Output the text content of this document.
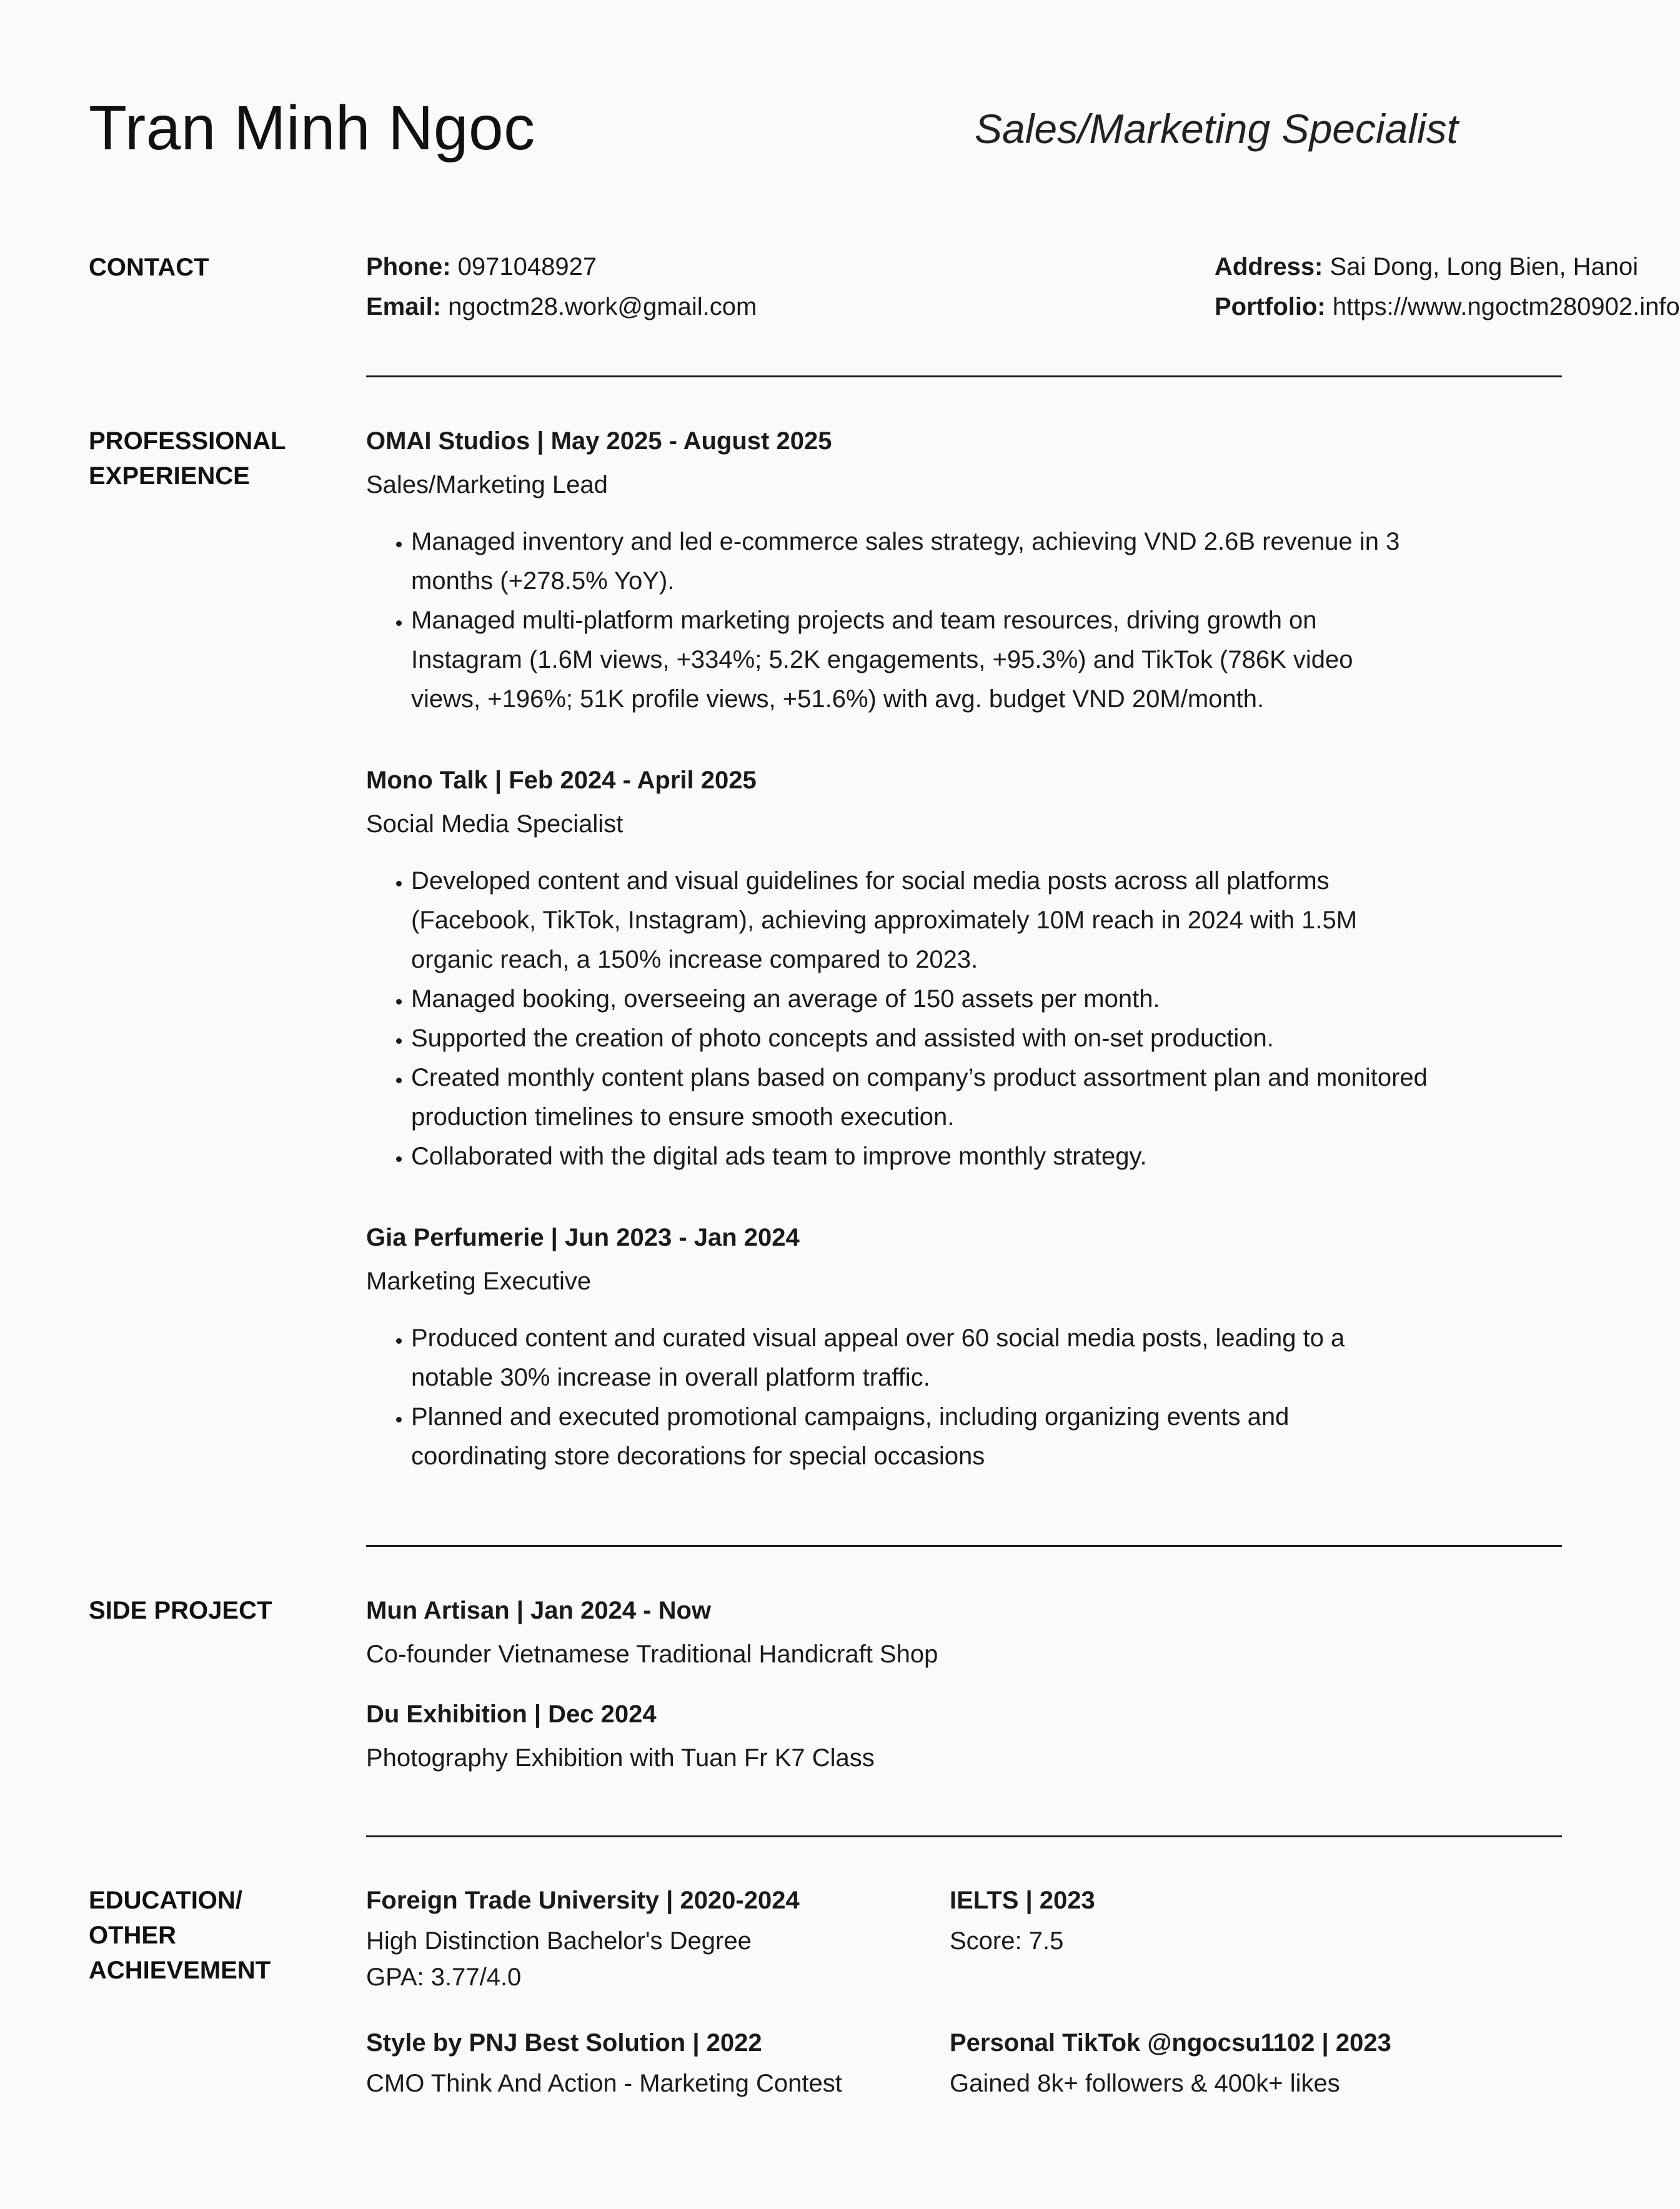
Tran Minh Ngoc	Sales/Marketing Specialist
CONTACT	Phone: 0971048927
Email: ngoctm28.work@gmail.com
Address: Sai Dong, Long Bien, Hanoi
Portfolio: https://www.ngoctm280902.info
PROFESSIONAL
EXPERIENCE
OMAI Studios | May 2025 - August 2025
Sales/Marketing Lead
• Managed inventory and led e-commerce sales strategy, achieving VND 2.6B revenue in 3 months (+278.5% YoY).
• Managed multi-platform marketing projects and team resources, driving growth on Instagram (1.6M views, +334%; 5.2K engagements, +95.3%) and TikTok (786K video views, +196%; 51K profile views, +51.6%) with avg. budget VND 20M/month.
Mono Talk | Feb 2024 - April 2025
Social Media Specialist
• Developed content and visual guidelines for social media posts across all platforms (Facebook, TikTok, Instagram), achieving approximately 10M reach in 2024 with 1.5M organic reach, a 150% increase compared to 2023.
• Managed booking, overseeing an average of 150 assets per month.
• Supported the creation of photo concepts and assisted with on-set production.
• Created monthly content plans based on company’s product assortment plan and monitored production timelines to ensure smooth execution.
• Collaborated with the digital ads team to improve monthly strategy.
Gia Perfumerie | Jun 2023 - Jan 2024
Marketing Executive
• Produced content and curated visual appeal over 60 social media posts, leading to a notable 30% increase in overall platform traffic.
• Planned and executed promotional campaigns, including organizing events and coordinating store decorations for special occasions
SIDE PROJECT	Mun Artisan | Jan 2024 - Now
Co-founder Vietnamese Traditional Handicraft Shop
Du Exhibition | Dec 2024
Photography Exhibition with Tuan Fr K7 Class
EDUCATION/
OTHER
ACHIEVEMENT
Foreign Trade University | 2020-2024
High Distinction Bachelor's Degree
GPA: 3.77/4.0
IELTS | 2023
Score: 7.5
Style by PNJ Best Solution | 2022
CMO Think And Action - Marketing Contest
Personal TikTok @ngocsu1102 | 2023
Gained 8k+ followers & 400k+ likes
